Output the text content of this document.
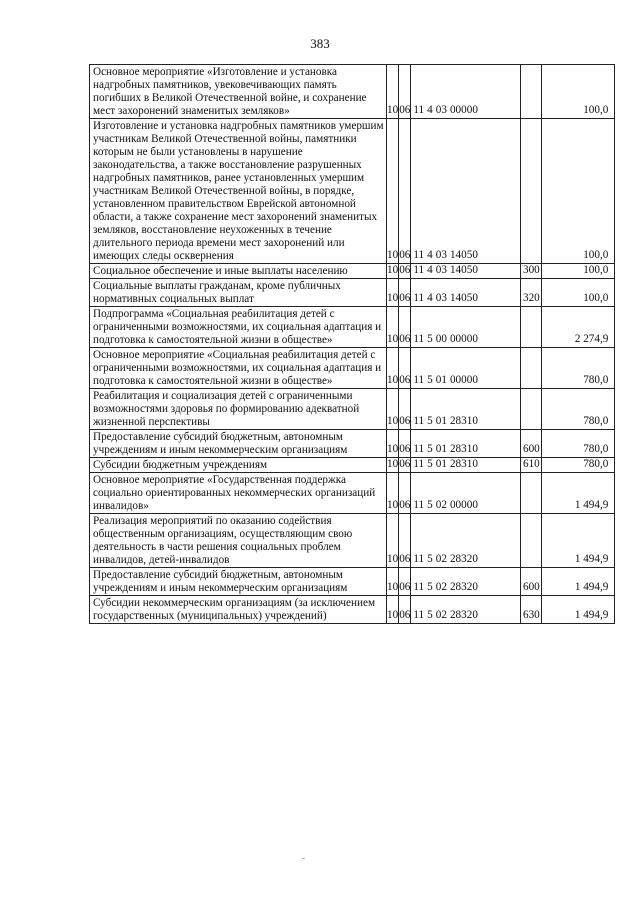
383
Основное мероприятие «Изготовление и установка надгробных памятников, увековечивающих память погибших в Великой Отечественной войне, и сохранение мест захоронений знаменитых земляков»	10	06	11 4 03 00000		100,0
Изготовление и установка надгробных памятников умершим участникам Великой Отечественной войны, памятники которым не были установлены в нарушение законодательства, а также восстановление разрушенных надгробных памятников, ранее установленных умершим участникам Великой Отечественной войны, в порядке, установленном правительством Еврейской автономной области, а также сохранение мест захоронений знаменитых земляков, восстановление неухоженных в течение длительного периода времени мест захоронений или имеющих следы осквернения	10	06	11 4 03 14050		100,0
Социальное обеспечение и иные выплаты населению	10	06	11 4 03 14050	300	100,0
Социальные выплаты гражданам, кроме публичных нормативных социальных выплат	10	06	11 4 03 14050	320	100,0
Подпрограмма «Социальная реабилитация детей с ограниченными возможностями, их социальная адаптация и подготовка к самостоятельной жизни в обществе»	10	06	11 5 00 00000		2 274,9
Основное мероприятие «Социальная реабилитация детей с ограниченными возможностями, их социальная адаптация и подготовка к самостоятельной жизни в обществе»	10	06	11 5 01 00000		780,0
Реабилитация и социализация детей с ограниченными возможностями здоровья по формированию адекватной жизненной перспективы	10	06	11 5 01 28310		780,0
Предоставление субсидий бюджетным, автономным учреждениям и иным некоммерческим организациям	10	06	11 5 01 28310	600	780,0
Субсидии бюджетным учреждениям	10	06	11 5 01 28310	610	780,0
Основное мероприятие «Государственная поддержка социально ориентированных некоммерческих организаций инвалидов»	10	06	11 5 02 00000		1 494,9
Реализация мероприятий по оказанию содействия общественным организациям, осуществляющим свою деятельность в части решения социальных проблем инвалидов, детей-инвалидов	10	06	11 5 02 28320		1 494,9
Предоставление субсидий бюджетным, автономным учреждениям и иным некоммерческим организациям	10	06	11 5 02 28320	600	1 494,9
Субсидии некоммерческим организациям (за исключением государственных (муниципальных) учреждений)	10	06	11 5 02 28320	630	1 494,9
